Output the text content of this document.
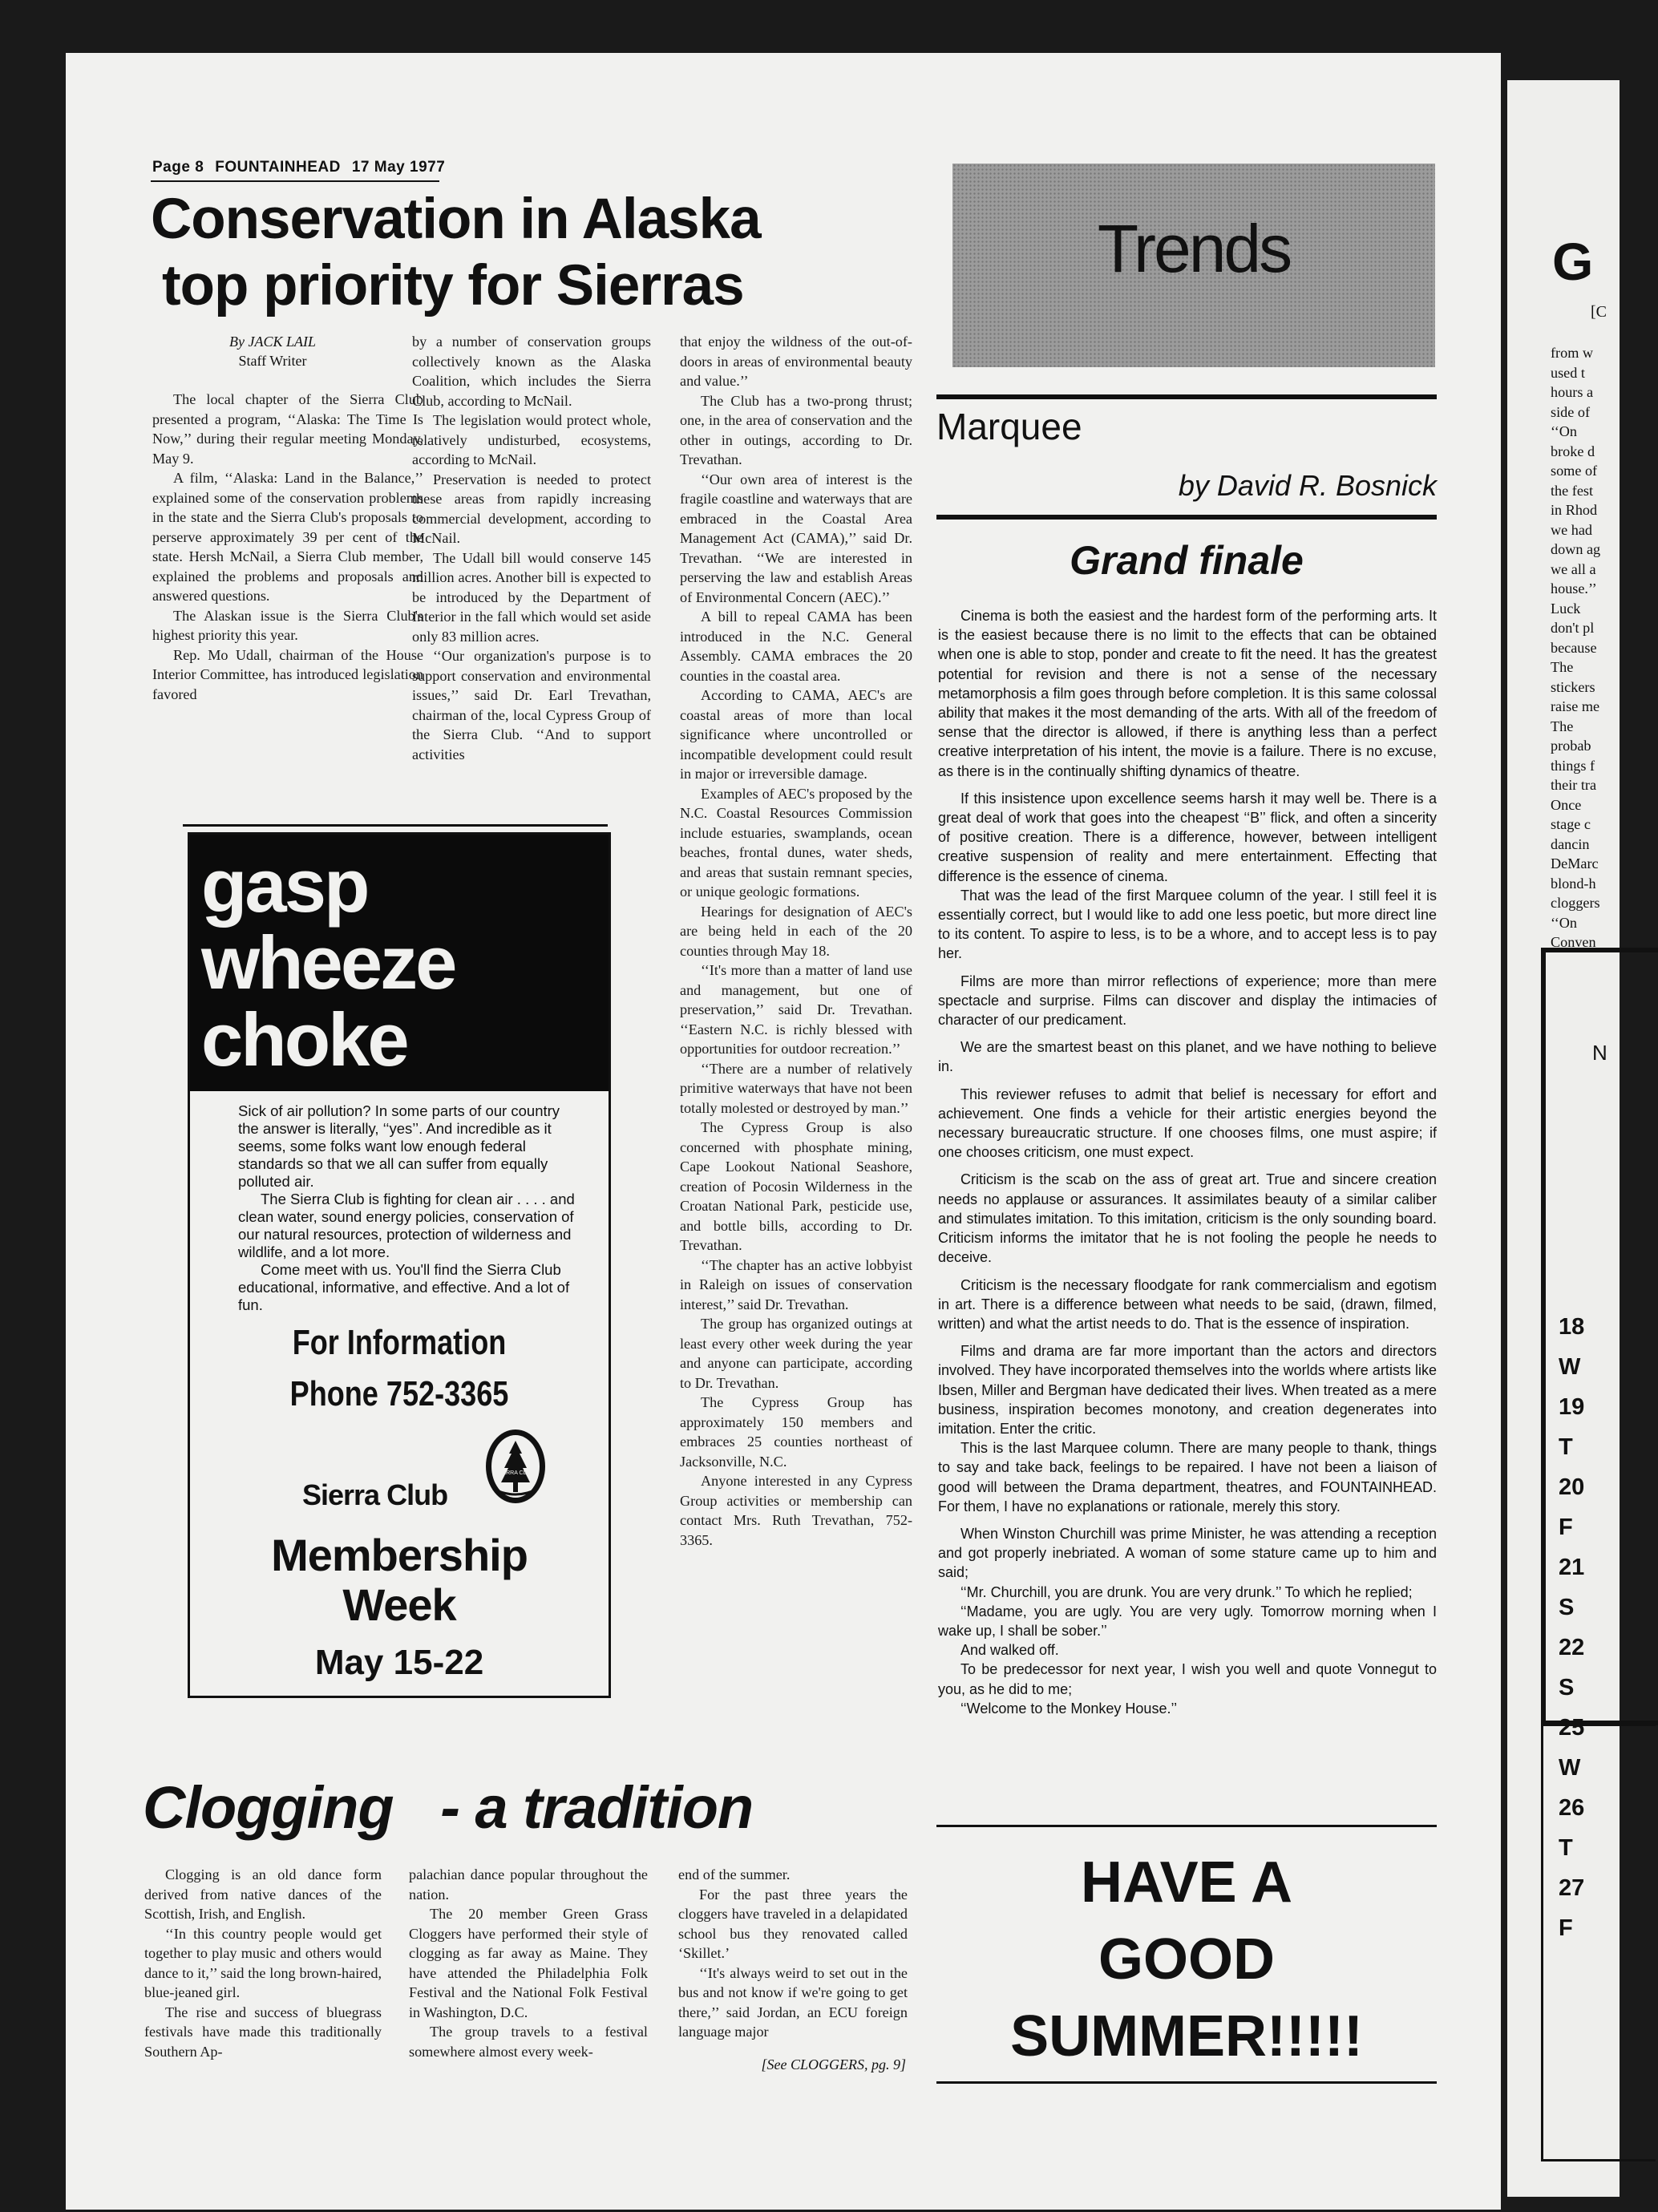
Page 8 FOUNTAINHEAD 17 May 1977
Conservation in Alaska
top priority for Sierras
By JACK LAIL
Staff Writer

The local chapter of the Sierra Club presented a program, ‘‘Alaska: The Time Is Now,’’ during their regular meeting Monday, May 9.

A film, ‘‘Alaska: Land in the Balance,’’ explained some of the conservation problems in the state and the Sierra Club's proposals to perserve approximately 39 per cent of the state. Hersh McNail, a Sierra Club member, explained the problems and proposals and answered questions.

The Alaskan issue is the Sierra Club's highest priority this year.

Rep. Mo Udall, chairman of the House Interior Committee, has introduced legislation favored

by a number of conservation groups collectively known as the Alaska Coalition, which includes the Sierra Club, according to McNail.

The legislation would protect whole, relatively undisturbed, ecosystems, according to McNail.

Preservation is needed to protect these areas from rapidly increasing commercial development, according to McNail.

The Udall bill would conserve 145 million acres. Another bill is expected to be introduced by the Department of Interior in the fall which would set aside only 83 million acres.

‘‘Our organization's purpose is to support conservation and environmental issues,’’ said Dr. Earl Trevathan, chairman of the, local Cypress Group of the Sierra Club. ‘‘And to support activities

that enjoy the wildness of the out-of-doors in areas of environmental beauty and value.’’

The Club has a two-prong thrust; one, in the area of conservation and the other in outings, according to Dr. Trevathan.

‘‘Our own area of interest is the fragile coastline and waterways that are embraced in the Coastal Area Management Act (CAMA),’’ said Dr. Trevathan. ‘‘We are interested in perserving the law and establish Areas of Environmental Concern (AEC).’’

A bill to repeal CAMA has been introduced in the N.C. General Assembly. CAMA embraces the 20 counties in the coastal area.

According to CAMA, AEC's are coastal areas of more than local significance where uncontrolled or incompatible development could result in major or irreversible damage.

Examples of AEC's proposed by the N.C. Coastal Resources Commission include estuaries, swamplands, ocean beaches, frontal dunes, water sheds, and areas that sustain remnant species, or unique geologic formations.

Hearings for designation of AEC's are being held in each of the 20 counties through May 18.

‘‘It's more than a matter of land use and management, but one of preservation,’’ said Dr. Trevathan. ‘‘Eastern N.C. is richly blessed with opportunities for outdoor recreation.’’

‘‘There are a number of relatively primitive waterways that have not been totally molested or destroyed by man.’’

The Cypress Group is also concerned with phosphate mining, Cape Lookout National Seashore, creation of Pocosin Wilderness in the Croatan National Park, pesticide use, and bottle bills, according to Dr. Trevathan.

‘‘The chapter has an active lobbyist in Raleigh on issues of conservation interest,’’ said Dr. Trevathan.

The group has organized outings at least every other week during the year and anyone can participate, according to Dr. Trevathan.

The Cypress Group has approximately 150 members and embraces 25 counties northeast of Jacksonville, N.C.

Anyone interested in any Cypress Group activities or membership can contact Mrs. Ruth Trevathan, 752-3365.

gasp
wheeze
choke

Sick of air pollution? In some parts of our country the answer is literally, ‘‘yes’’. And incredible as it seems, some folks want low enough federal standards so that we all can suffer from equally polluted air.

The Sierra Club is fighting for clean air . . . . and clean water, sound energy policies, conservation of our natural resources, protection of wilderness and wildlife, and a lot more.

Come meet with us. You'll find the Sierra Club educational, informative, and effective. And a lot of fun.

For Information
Phone 752-3365
Sierra Club
SIERRA CLUB
Membership
Week
May 15-22
Trends
Marquee
by David R. Bosnick
Grand finale

Cinema is both the easiest and the hardest form of the performing arts. It is the easiest because there is no limit to the effects that can be obtained when one is able to stop, ponder and create to fit the need. It has the greatest potential for revision and there is not a sense of the necessary metamorphosis a film goes through before completion. It is this same colossal ability that makes it the most demanding of the arts. With all of the freedom of sense that the director is allowed, if there is anything less than a perfect creative interpretation of his intent, the movie is a failure. There is no excuse, as there is in the continually shifting dynamics of theatre.

If this insistence upon excellence seems harsh it may well be. There is a great deal of work that goes into the cheapest ‘‘B’’ flick, and often a sincerity of positive creation. There is a difference, however, between intelligent creative suspension of reality and mere entertainment. Effecting that difference is the essence of cinema.

That was the lead of the first Marquee column of the year. I still feel it is essentially correct, but I would like to add one less poetic, but more direct line to its content. To aspire to less, is to be a whore, and to accept less is to pay her.

Films are more than mirror reflections of experience; more than mere spectacle and surprise. Films can discover and display the intimacies of character of our predicament.

We are the smartest beast on this planet, and we have nothing to believe in.

This reviewer refuses to admit that belief is necessary for effort and achievement. One finds a vehicle for their artistic energies beyond the necessary bureaucratic structure. If one chooses films, one must aspire; if one chooses criticism, one must expect.

Criticism is the scab on the ass of great art. True and sincere creation needs no applause or assurances. It assimilates beauty of a similar caliber and stimulates imitation. To this imitation, criticism is the only sounding board. Criticism informs the imitator that he is not fooling the people he needs to deceive.

Criticism is the necessary floodgate for rank commercialism and egotism in art. There is a difference between what needs to be said, (drawn, filmed, written) and what the artist needs to do. That is the essence of inspiration.

Films and drama are far more important than the actors and directors involved. They have incorporated themselves into the worlds where artists like Ibsen, Miller and Bergman have dedicated their lives. When treated as a mere business, inspiration becomes monotony, and creation degenerates into imitation. Enter the critic.

This is the last Marquee column. There are many people to thank, things to say and take back, feelings to be repaired. I have not been a liaison of good will between the Drama department, theatres, and FOUNTAINHEAD. For them, I have no explanations or rationale, merely this story.

When Winston Churchill was prime Minister, he was attending a reception and got properly inebriated. A woman of some stature came up to him and said;

‘‘Mr. Churchill, you are drunk. You are very drunk.’’ To which he replied;

‘‘Madame, you are ugly. You are very ugly. Tomorrow morning when I wake up, I shall be sober.’’

And walked off.

To be predecessor for next year, I wish you well and quote Vonnegut to you, as he did to me;

‘‘Welcome to the Monkey House.’’

HAVE A
GOOD
SUMMER!!!!!
Clogging   - a tradition

Clogging is an old dance form derived from native dances of the Scottish, Irish, and English.

‘‘In this country people would get together to play music and others would dance to it,’’ said the long brown-haired, blue-jeaned girl.

The rise and success of bluegrass festivals have made this traditionally Southern Ap-

palachian dance popular throughout the nation.

The 20 member Green Grass Cloggers have performed their style of clogging as far away as Maine. They have attended the Philadelphia Folk Festival and the National Folk Festival in Washington, D.C.

The group travels to a festival somewhere almost every week-

end of the summer.

For the past three years the cloggers have traveled in a delapidated school bus they renovated called ‘Skillet.’

‘‘It's always weird to set out in the bus and not know if we're going to get there,’’ said Jordan, an ECU foreign language major

[See CLOGGERS, pg. 9]
G
[C
from w
used t
hours a
side of
‘‘On
broke d
some of
the fest
in Rhod
we had
down ag
we all a
house.’’
Luck
don't pl
because
The
stickers
raise me
The
probab
things f
their tra
Once
stage c
dancin
DeMarc
blond-h
cloggers
‘‘On
Conven
N
18 W
19 T
20 F
21 S
22 S
25 W
26 T
27 F
